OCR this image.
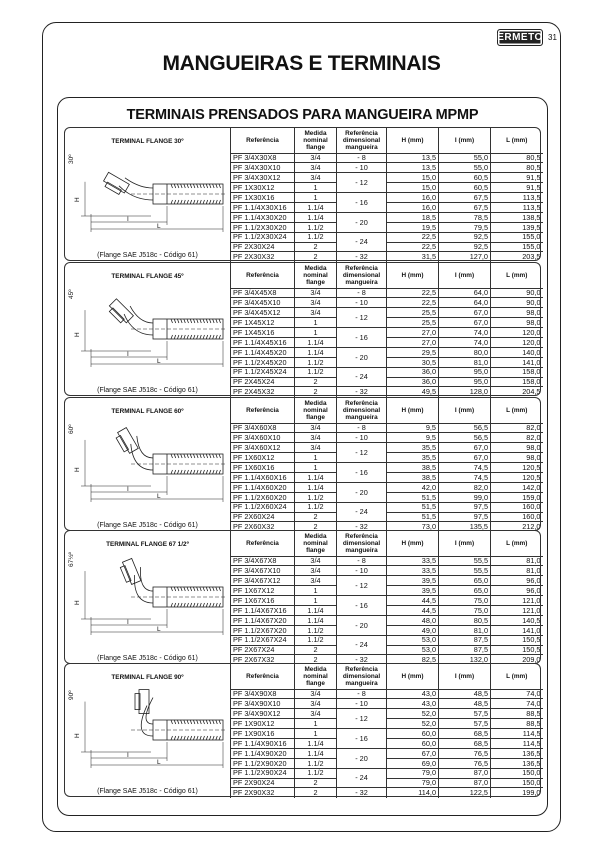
ERMETO 31
MANGUEIRAS E TERMINAIS
TERMINAIS PRENSADOS PARA MANGUEIRA MPMP
TERMINAL FLANGE 30º
H
I
L
30º
(Flange SAE J518c - Código 61)
Referência	Medida nominal flange	Referência dimensional mangueira	H (mm)	I (mm)	L (mm)
PF 3/4X30X8	3/4	- 8	13,5	55,0	80,5
PF 3/4X30X10	3/4	- 10	13,5	55,0	80,5
PF 3/4X30X12	3/4	- 12	15,0	60,5	91,5
PF 1X30X12	1		15,0	60,5	91,5
PF 1X30X16	1	- 16	16,0	67,5	113,5
PF 1.1/4X30X16	1.1/4		16,0	67,5	113,5
PF 1.1/4X30X20	1.1/4	- 20	18,5	78,5	138,5
PF 1.1/2X30X20	1.1/2		19,5	79,5	139,5
PF 1.1/2X30X24	1.1/2	- 24	22,5	92,5	155,0
PF 2X30X24	2		22,5	92,5	155,0
PF 2X30X32	2	- 32	31,5	127,0	203,5
TERMINAL FLANGE 45º
H
I
L
45º
(Flange SAE J518c - Código 61)
Referência	Medida nominal flange	Referência dimensional mangueira	H (mm)	I (mm)	L (mm)
PF 3/4X45X8	3/4	- 8	22,5	64,0	90,0
PF 3/4X45X10	3/4	- 10	22,5	64,0	90,0
PF 3/4X45X12	3/4	- 12	25,5	67,0	98,0
PF 1X45X12	1		25,5	67,0	98,0
PF 1X45X16	1	- 16	27,0	74,0	120,0
PF 1.1/4X45X16	1.1/4		27,0	74,0	120,0
PF 1.1/4X45X20	1.1/4	- 20	29,5	80,0	140,0
PF 1.1/2X45X20	1.1/2		30,5	81,0	141,0
PF 1.1/2X45X24	1.1/2	- 24	36,0	95,0	158,0
PF 2X45X24	2		36,0	95,0	158,0
PF 2X45X32	2	- 32	49,5	128,0	204,5
TERMINAL FLANGE 60º
H
I
L
60º
(Flange SAE J518c - Código 61)
Referência	Medida nominal flange	Referência dimensional mangueira	H (mm)	I (mm)	L (mm)
PF 3/4X60X8	3/4	- 8	9,5	56,5	82,0
PF 3/4X60X10	3/4	- 10	9,5	56,5	82,0
PF 3/4X60X12	3/4	- 12	35,5	67,0	98,0
PF 1X60X12	1		35,5	67,0	98,0
PF 1X60X16	1	- 16	38,5	74,5	120,5
PF 1.1/4X60X16	1.1/4		38,5	74,5	120,5
PF 1.1/4X60X20	1.1/4	- 20	42,0	82,0	142,0
PF 1.1/2X60X20	1.1/2		51,5	99,0	159,0
PF 1.1/2X60X24	1.1/2	- 24	51,5	97,5	160,0
PF 2X60X24	2		51,5	97,5	160,0
PF 2X60X32	2	- 32	73,0	135,5	212,0
TERMINAL FLANGE 67 1/2º
H
I
L
67½º
(Flange SAE J518c - Código 61)
Referência	Medida nominal flange	Referência dimensional mangueira	H (mm)	I (mm)	L (mm)
PF 3/4X67X8	3/4	- 8	33,5	55,5	81,0
PF 3/4X67X10	3/4	- 10	33,5	55,5	81,0
PF 3/4X67X12	3/4	- 12	39,5	65,0	96,0
PF 1X67X12	1		39,5	65,0	96,0
PF 1X67X16	1	- 16	44,5	75,0	121,0
PF 1.1/4X67X16	1.1/4		44,5	75,0	121,0
PF 1.1/4X67X20	1.1/4	- 20	48,0	80,5	140,5
PF 1.1/2X67X20	1.1/2		49,0	81,0	141,0
PF 1.1/2X67X24	1.1/2	- 24	53,0	87,5	150,5
PF 2X67X24	2		53,0	87,5	150,5
PF 2X67X32	2	- 32	82,5	132,0	209,0
TERMINAL FLANGE 90º
H
I
L
90º
(Flange SAE J518c - Código 61)
Referência	Medida nominal flange	Referência dimensional mangueira	H (mm)	I (mm)	L (mm)
PF 3/4X90X8	3/4	- 8	43,0	48,5	74,0
PF 3/4X90X10	3/4	- 10	43,0	48,5	74,0
PF 3/4X90X12	3/4	- 12	52,0	57,5	88,5
PF 1X90X12	1		52,0	57,5	88,5
PF 1X90X16	1	- 16	60,0	68,5	114,5
PF 1.1/4X90X16	1.1/4		60,0	68,5	114,5
PF 1.1/4X90X20	1.1/4	- 20	67,0	76,5	136,5
PF 1.1/2X90X20	1.1/2		69,0	76,5	136,5
PF 1.1/2X90X24	1.1/2	- 24	79,0	87,0	150,0
PF 2X90X24	2		79,0	87,0	150,0
PF 2X90X32	2	- 32	114,0	122,5	199,0
